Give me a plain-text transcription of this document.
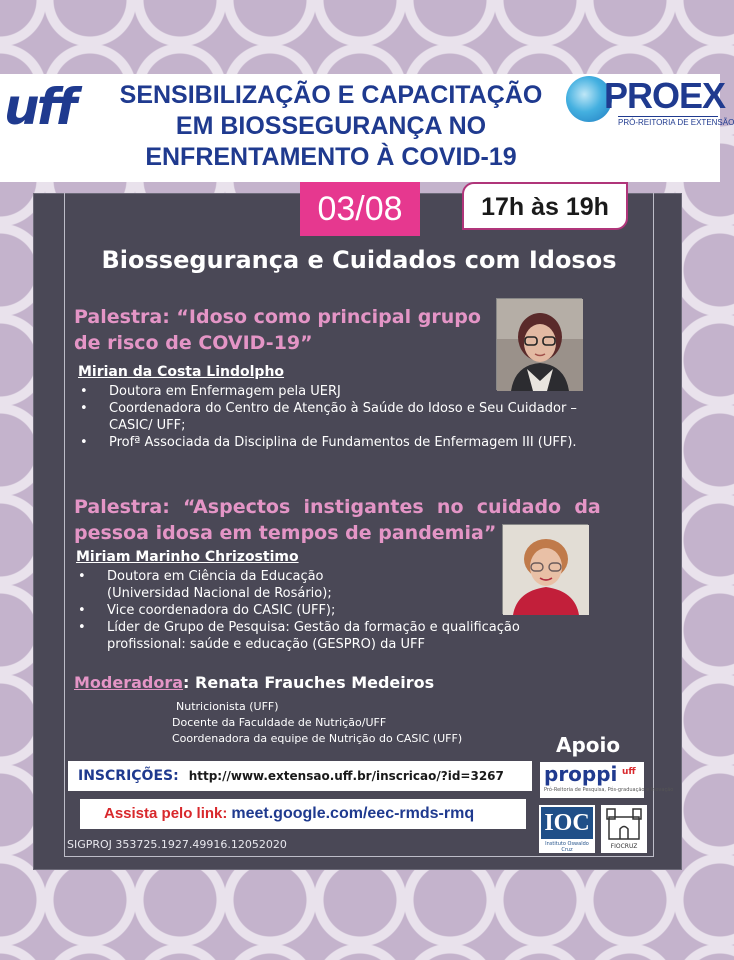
uff	SENSIBILIZAÇÃO E CAPACITAÇÃO
EM BIOSSEGURANÇA NO
ENFRENTAMENTO À COVID-19
PROEX
PRÓ-REITORIA DE EXTENSÃO
03/08	17h às 19h
Biossegurança e Cuidados com Idosos
Palestra: “Idoso como principal grupo
de risco de COVID-19”
Mirian da Costa Lindolpho
• Doutora em Enfermagem pela UERJ
• Coordenadora do Centro de Atenção à Saúde do Idoso e Seu Cuidador – CASIC/ UFF;
• Profª Associada da Disciplina de Fundamentos de Enfermagem III (UFF).
Palestra:  “Aspectos  instigantes  no  cuidado  da
pessoa idosa em tempos de pandemia”
Miriam Marinho Chrizostimo
• Doutora em Ciência da Educação (Universidad Nacional de Rosário);
• Vice coordenadora do CASIC (UFF);
• Líder de Grupo de Pesquisa: Gestão da formação e qualificação profissional: saúde e educação (GESPRO) da UFF
Moderadora: Renata Frauches Medeiros
Nutricionista (UFF)
Docente da Faculdade de Nutrição/UFF
Coordenadora da equipe de Nutrição do CASIC (UFF)	Apoio
proppi uff
Pró-Reitoria de Pesquisa, Pós-graduação e Inovação
IOC
Instituto Oswaldo Cruz	FIOCRUZ
INSCRIÇÕES: http://www.extensao.uff.br/inscricao/?id=3267
Assista pelo link: meet.google.com/eec-rmds-rmq
SIGPROJ 353725.1927.49916.12052020
